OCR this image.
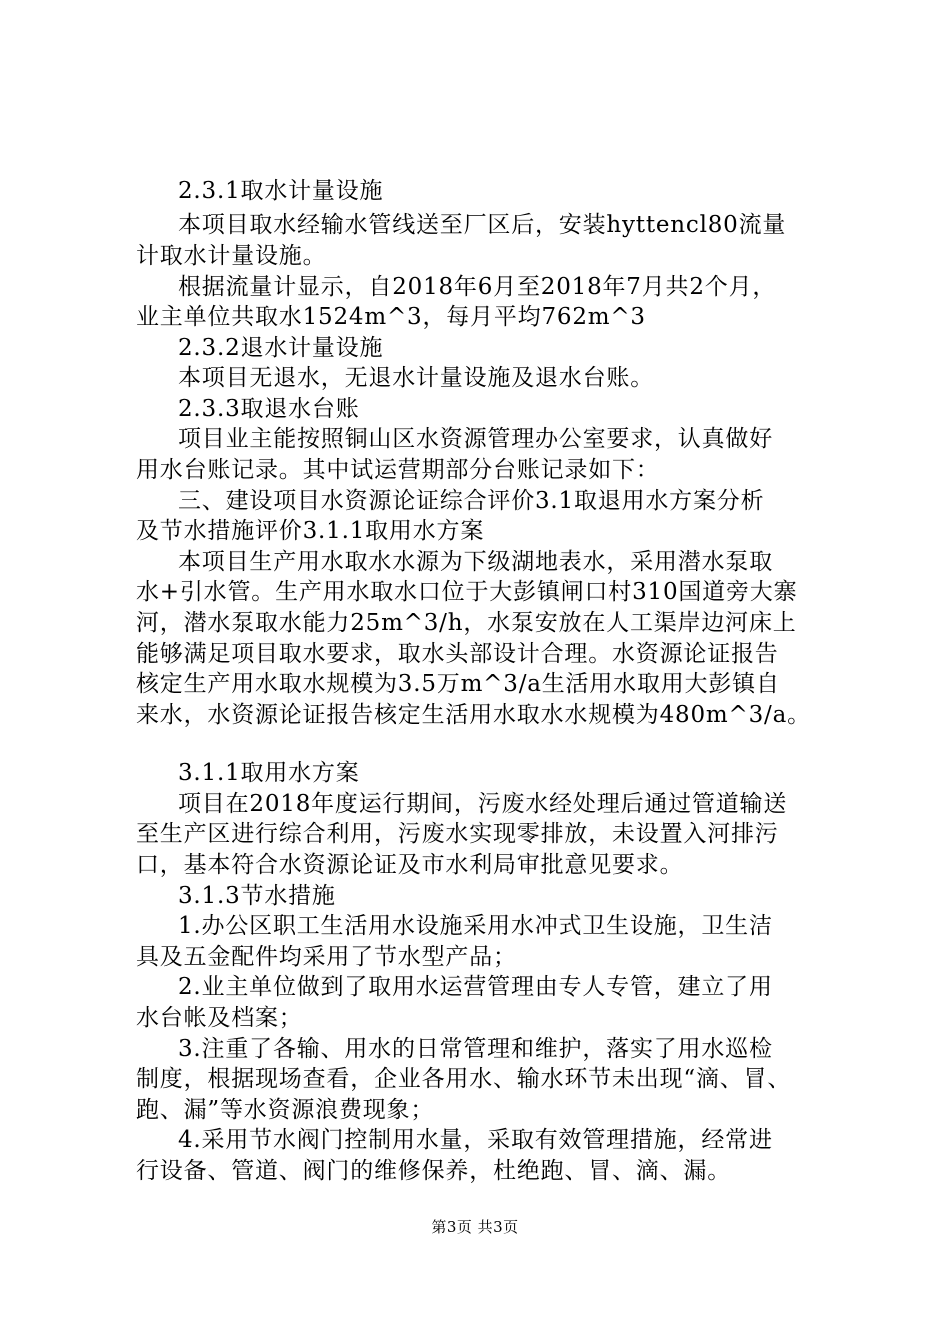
2.3.1取水计量设施
本项目取水经输水管线送至厂区后，安装hyttencl80流量
计取水计量设施。
根据流量计显示，自2018年6月至2018年7月共2个月，
业主单位共取水1524m^3，每月平均762m^3
2.3.2退水计量设施
本项目无退水，无退水计量设施及退水台账。
2.3.3取退水台账
项目业主能按照铜山区水资源管理办公室要求，认真做好
用水台账记录。其中试运营期部分台账记录如下：
三、建设项目水资源论证综合评价3.1取退用水方案分析
及节水措施评价3.1.1取用水方案
本项目生产用水取水水源为下级湖地表水，采用潜水泵取
水+引水管。生产用水取水口位于大彭镇闸口村310国道旁大寨
河，潜水泵取水能力25m^3/h，水泵安放在人工渠岸边河床上
能够满足项目取水要求，取水头部设计合理。水资源论证报告
核定生产用水取水规模为3.5万m^3/a生活用水取用大彭镇自
来水，水资源论证报告核定生活用水取水水规模为480m^3/a。
3.1.1取用水方案
项目在2018年度运行期间，污废水经处理后通过管道输送
至生产区进行综合利用，污废水实现零排放，未设置入河排污
口，基本符合水资源论证及市水利局审批意见要求。
3.1.3节水措施
1.办公区职工生活用水设施采用水冲式卫生设施，卫生洁
具及五金配件均采用了节水型产品；
2.业主单位做到了取用水运营管理由专人专管，建立了用
水台帐及档案；
3.注重了各输、用水的日常管理和维护，落实了用水巡检
制度，根据现场查看，企业各用水、输水环节未出现“滴、冒、
跑、漏”等水资源浪费现象；
4.采用节水阀门控制用水量，采取有效管理措施，经常进
行设备、管道、阀门的维修保养，杜绝跑、冒、滴、漏。
第3页 共3页
